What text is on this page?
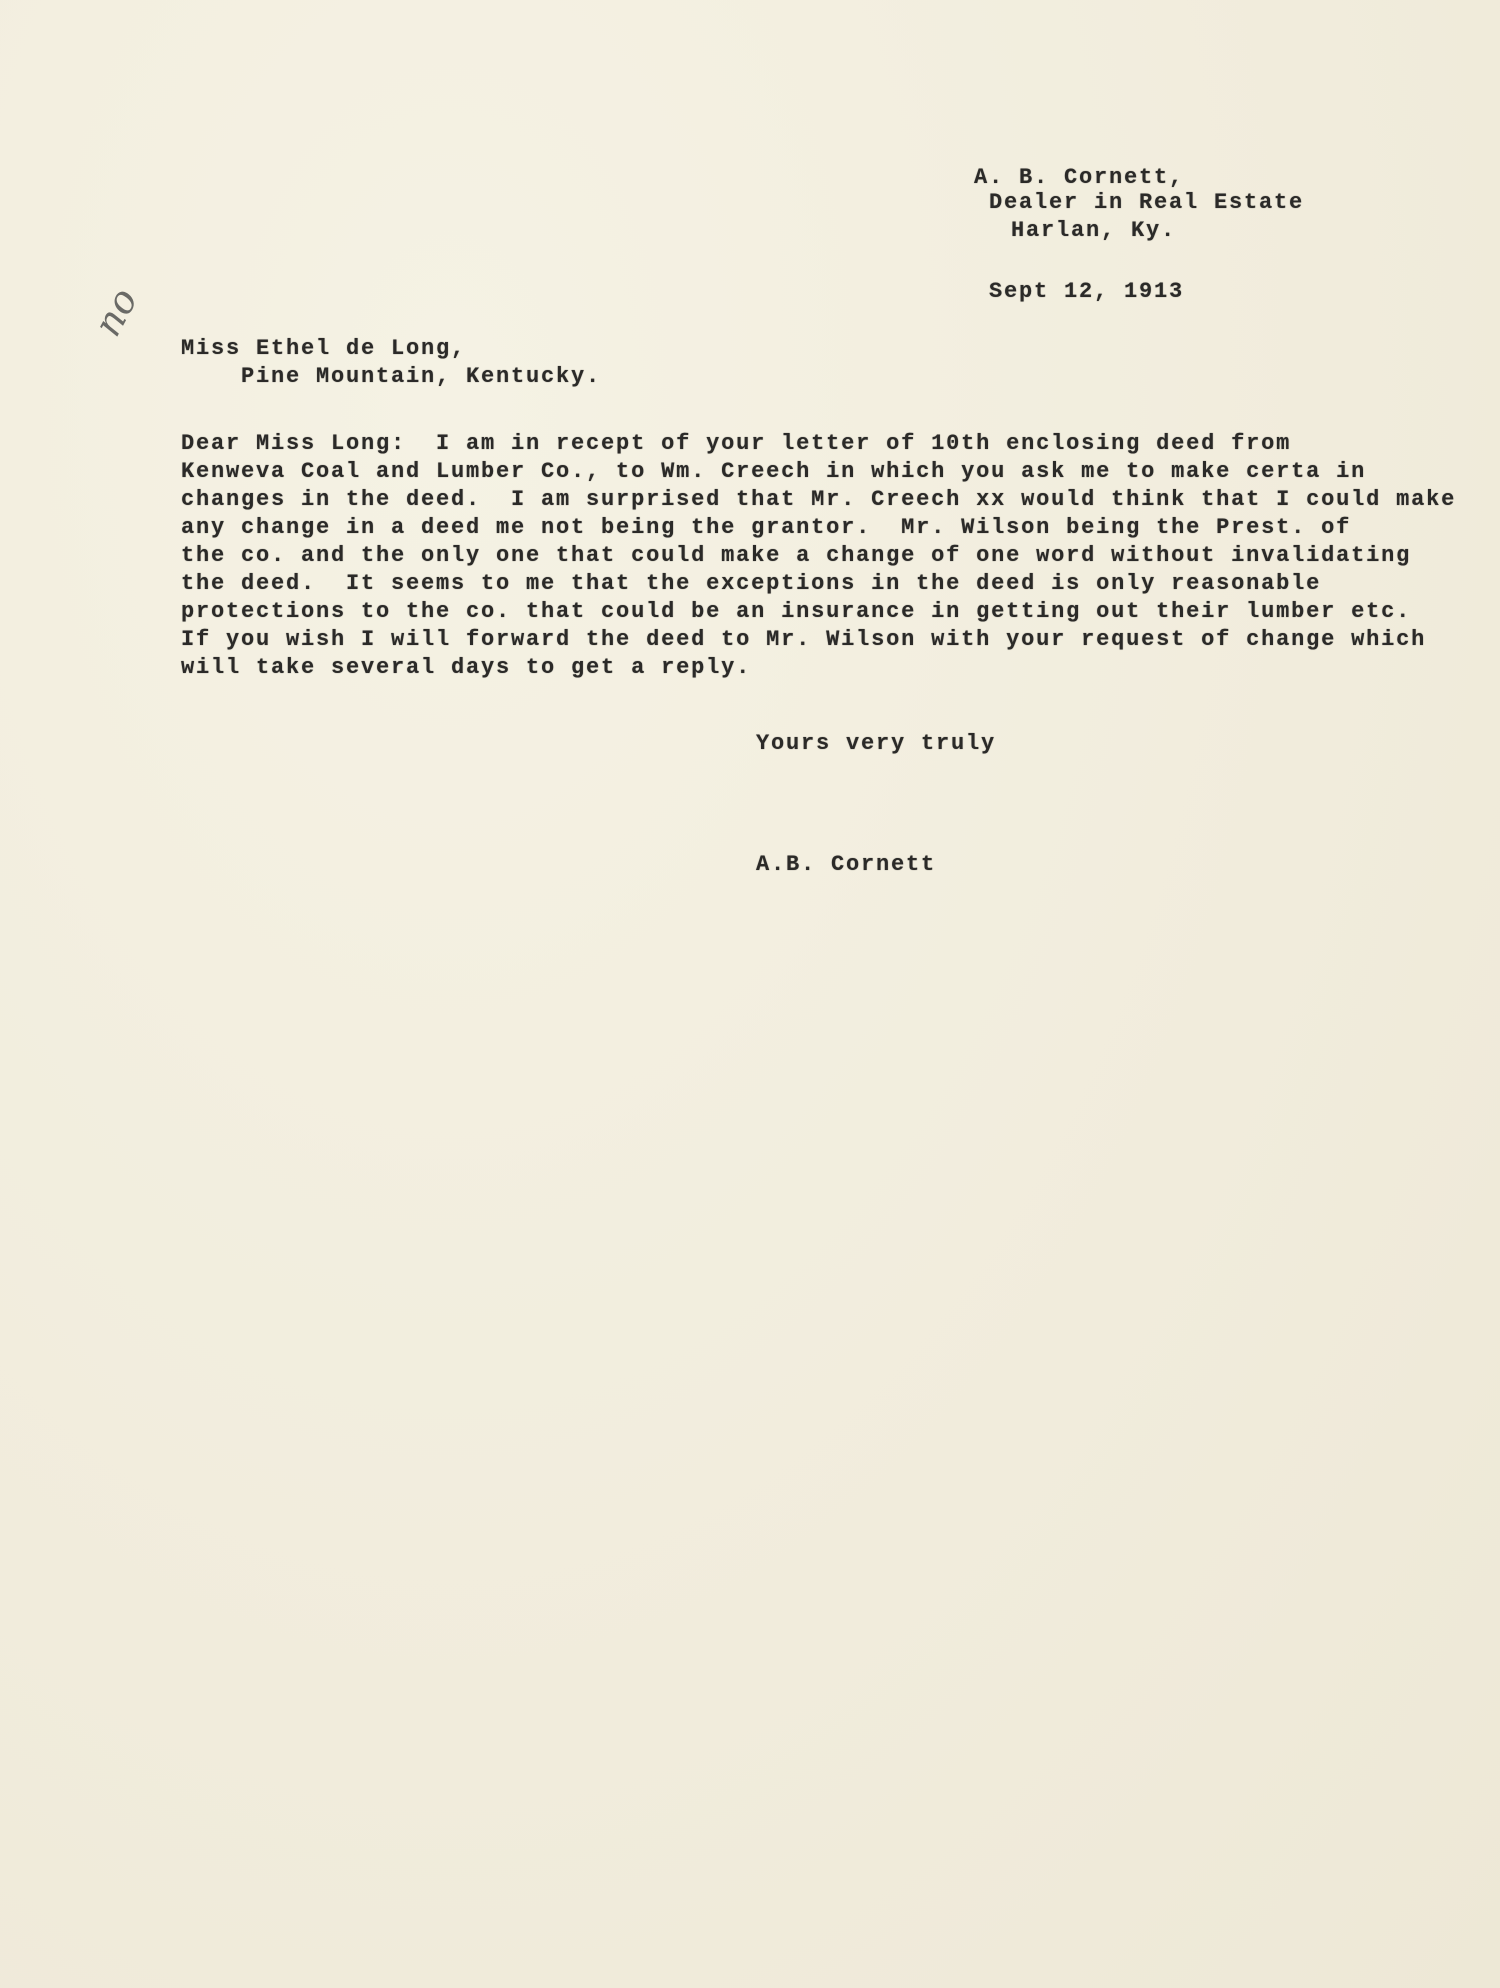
A. B. Cornett,
Dealer in Real Estate
Harlan, Ky.
Sept 12, 1913
no
Miss Ethel de Long,
Pine Mountain, Kentucky.
Dear Miss Long:  I am in recept of your letter of 10th enclosing deed from
Kenweva Coal and Lumber Co., to Wm. Creech in which you ask me to make certa in
changes in the deed.  I am surprised that Mr. Creech xx would think that I could make
any change in a deed me not being the grantor.  Mr. Wilson being the Prest. of
the co. and the only one that could make a change of one word without invalidating
the deed.  It seems to me that the exceptions in the deed is only reasonable
protections to the co. that could be an insurance in getting out their lumber etc.
If you wish I will forward the deed to Mr. Wilson with your request of change which
will take several days to get a reply.
Yours very truly
A.B. Cornett
